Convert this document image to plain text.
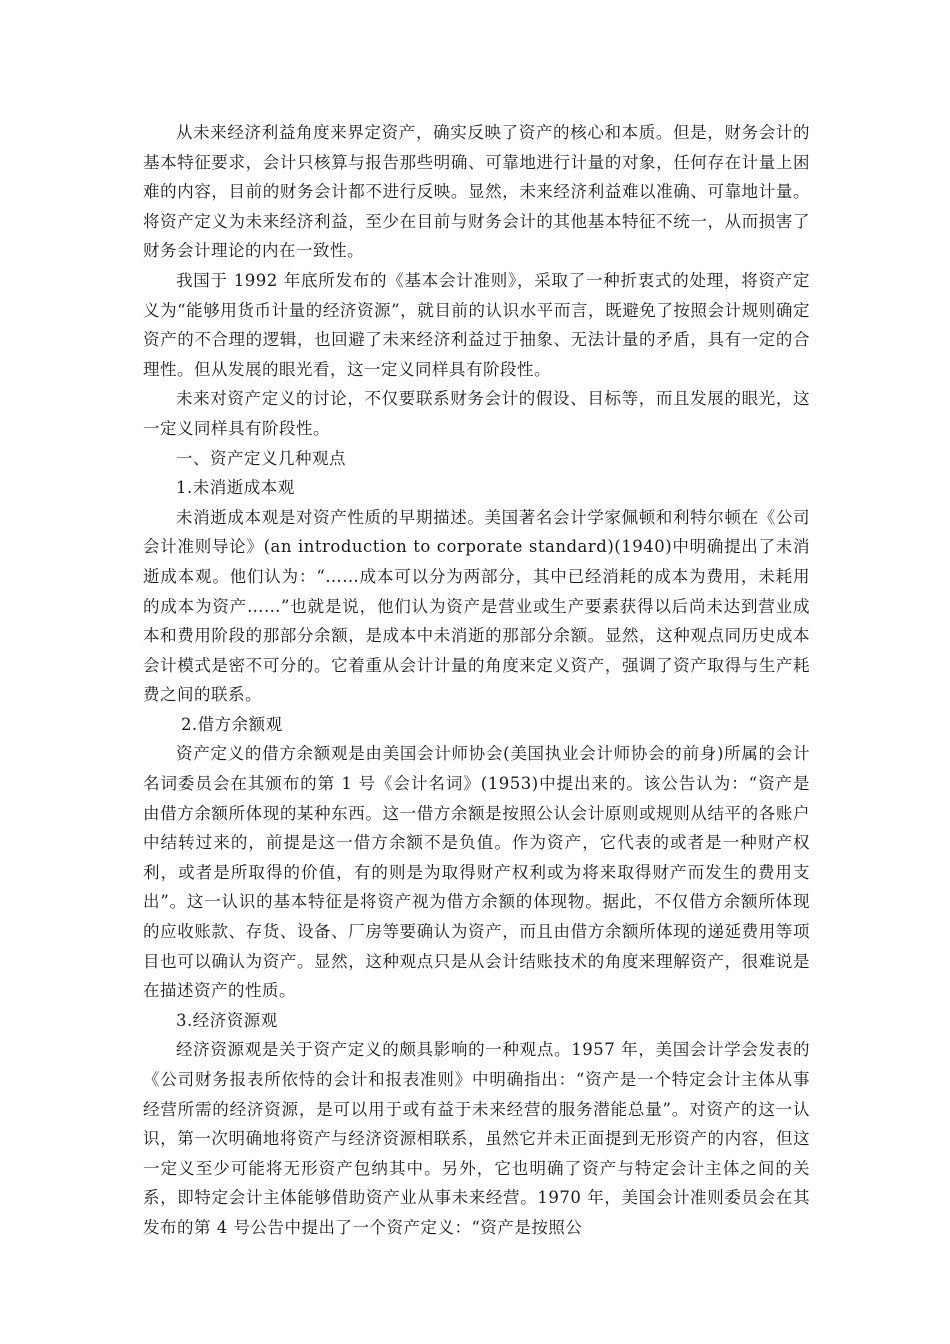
从未来经济利益角度来界定资产，确实反映了资产的核心和本质。但是，财务会计的基本特征要求，会计只核算与报告那些明确、可靠地进行计量的对象，任何存在计量上困难的内容，目前的财务会计都不进行反映。显然，未来经济利益难以准确、可靠地计量。将资产定义为未来经济利益，至少在目前与财务会计的其他基本特征不统一，从而损害了财务会计理论的内在一致性。

我国于 1992 年底所发布的《基本会计准则》，采取了一种折衷式的处理，将资产定义为“能够用货币计量的经济资源”，就目前的认识水平而言，既避免了按照会计规则确定资产的不合理的逻辑，也回避了未来经济利益过于抽象、无法计量的矛盾，具有一定的合理性。但从发展的眼光看，这一定义同样具有阶段性。

未来对资产定义的讨论，不仅要联系财务会计的假设、目标等，而且发展的眼光，这一定义同样具有阶段性。

一、资产定义几种观点

1.未消逝成本观

未消逝成本观是对资产性质的早期描述。美国著名会计学家佩顿和利特尔顿在《公司会计准则导论》(an introduction to corporate standard)(1940)中明确提出了未消逝成本观。他们认为：“……成本可以分为两部分，其中已经消耗的成本为费用，未耗用的成本为资产……”也就是说，他们认为资产是营业或生产要素获得以后尚未达到营业成本和费用阶段的那部分余额，是成本中未消逝的那部分余额。显然，这种观点同历史成本会计模式是密不可分的。它着重从会计计量的角度来定义资产，强调了资产取得与生产耗费之间的联系。

2.借方余额观

资产定义的借方余额观是由美国会计师协会(美国执业会计师协会的前身)所属的会计名词委员会在其颁布的第 1 号《会计名词》(1953)中提出来的。该公告认为：“资产是由借方余额所体现的某种东西。这一借方余额是按照公认会计原则或规则从结平的各账户中结转过来的，前提是这一借方余额不是负值。作为资产，它代表的或者是一种财产权利，或者是所取得的价值，有的则是为取得财产权利或为将来取得财产而发生的费用支出”。这一认识的基本特征是将资产视为借方余额的体现物。据此，不仅借方余额所体现的应收账款、存货、设备、厂房等要确认为资产，而且由借方余额所体现的递延费用等项目也可以确认为资产。显然，这种观点只是从会计结账技术的角度来理解资产，很难说是在描述资产的性质。

3.经济资源观

经济资源观是关于资产定义的颇具影响的一种观点。1957 年，美国会计学会发表的《公司财务报表所依恃的会计和报表准则》中明确指出：“资产是一个特定会计主体从事经营所需的经济资源，是可以用于或有益于未来经营的服务潜能总量”。对资产的这一认识，第一次明确地将资产与经济资源相联系，虽然它并未正面提到无形资产的内容，但这一定义至少可能将无形资产包纳其中。另外，它也明确了资产与特定会计主体之间的关系，即特定会计主体能够借助资产业从事未来经营。1970 年，美国会计准则委员会在其发布的第 4 号公告中提出了一个资产定义：“资产是按照公
